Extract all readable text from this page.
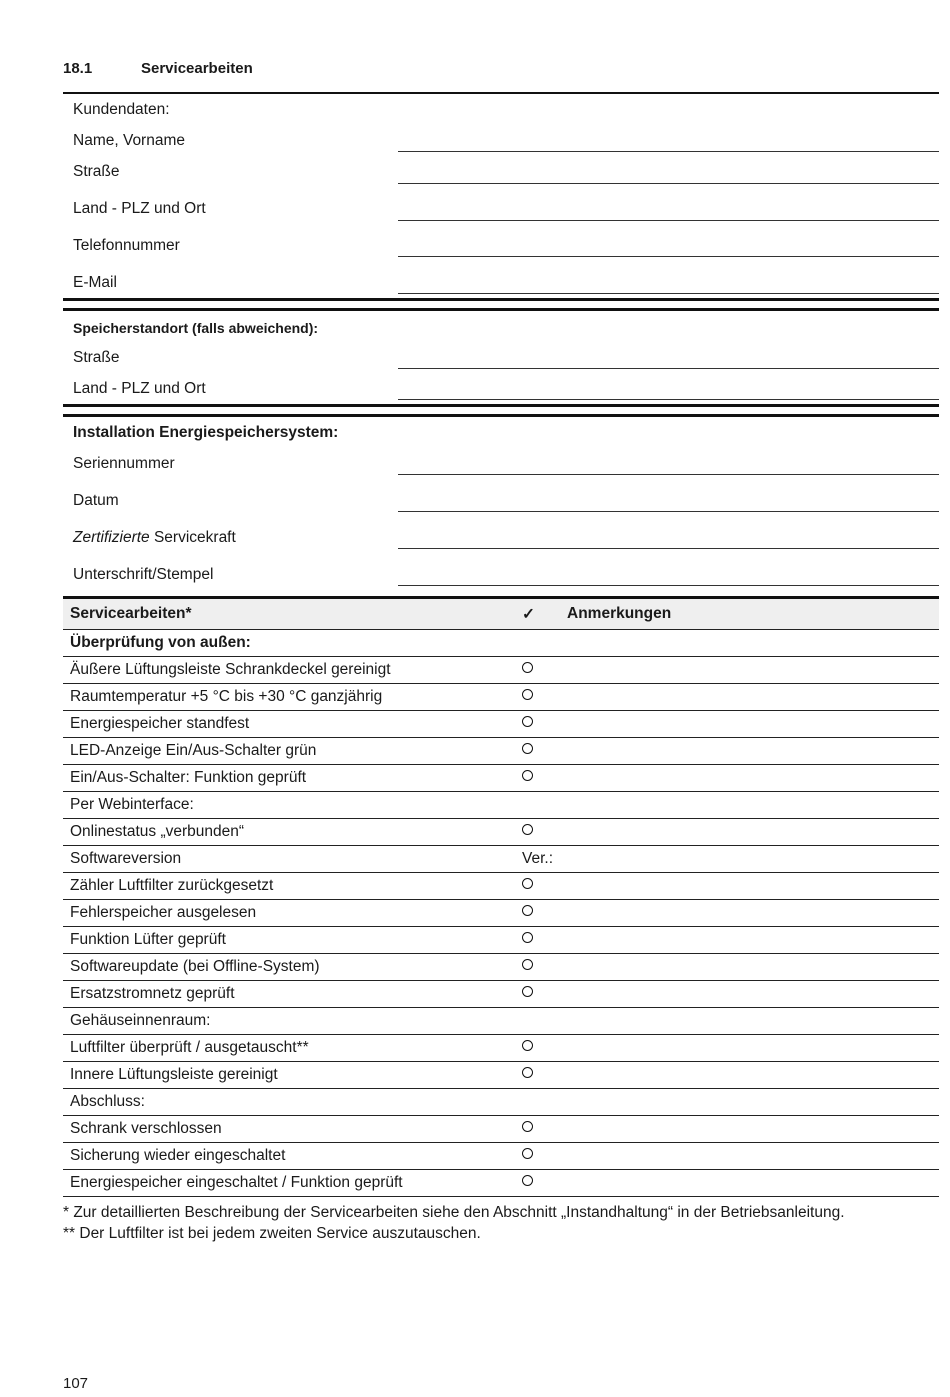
18.1	Servicearbeiten
Kundendaten:
Name, Vorname
Straße
Land - PLZ und Ort
Telefonnummer
E-Mail
Speicherstandort (falls abweichend):
Straße
Land - PLZ und Ort
Installation Energiespeichersystem:
Seriennummer
Datum
Zertifizierte Servicekraft
Unterschrift/Stempel
Servicearbeiten*	✓	Anmerkungen
Überprüfung von außen:		
Äußere Lüftungsleiste Schrankdeckel gereinigt		
Raumtemperatur +5 °C bis +30 °C ganzjährig		
Energiespeicher standfest		
LED-Anzeige Ein/Aus-Schalter grün		
Ein/Aus-Schalter: Funktion geprüft		
Per Webinterface:		
Onlinestatus „verbunden“		
Softwareversion	Ver.:	
Zähler Luftfilter zurückgesetzt		
Fehlerspeicher ausgelesen		
Funktion Lüfter geprüft		
Softwareupdate (bei Offline-System)		
Ersatzstromnetz geprüft		
Gehäuseinnenraum:		
Luftfilter überprüft / ausgetauscht**		
Innere Lüftungsleiste gereinigt		
Abschluss:		
Schrank verschlossen		
Sicherung wieder eingeschaltet		
Energiespeicher eingeschaltet / Funktion geprüft		
* Zur detaillierten Beschreibung der Servicearbeiten siehe den Abschnitt „Instandhaltung“ in der Betriebsanleitung.
** Der Luftfilter ist bei jedem zweiten Service auszutauschen.
107
